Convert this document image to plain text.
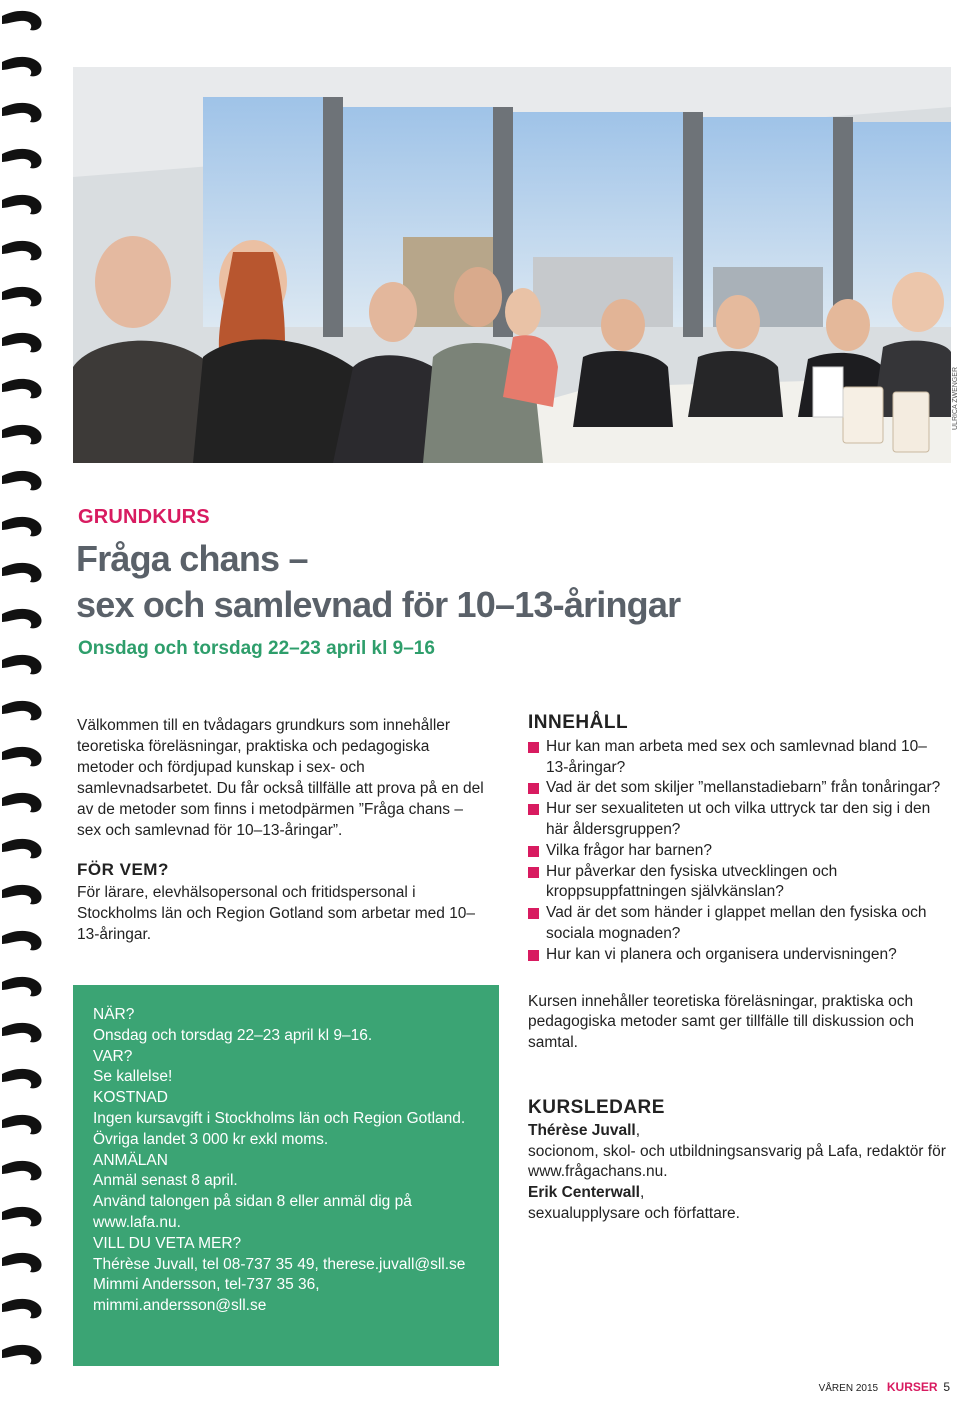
ULRICA ZWENGER
GRUNDKURS
Fråga chans –
sex och samlevnad för 10–13-åringar
Onsdag och torsdag 22–23 april kl 9–16

Välkommen till en tvådagars grundkurs som innehåller teoretiska föreläsningar, praktiska och pedagogiska metoder och fördjupad kunskap i sex- och samlevnadsarbetet. Du får också tillfälle att prova på en del av de metoder som finns i metodpärmen ”Fråga chans – sex och samlevnad för 10–13-åringar”.

FÖR VEM?

För lärare, elevhälsopersonal och fritidspersonal i Stockholms län och Region Gotland som arbetar med 10–13-åringar.

NÄR?
Onsdag och torsdag 22–23 april kl 9–16.
VAR?
Se kallelse!
KOSTNAD
Ingen kursavgift i Stockholms län och Region Gotland. Övriga landet 3 000 kr exkl moms.
ANMÄLAN
Anmäl senast 8 april.
Använd talongen på sidan 8 eller anmäl dig på www.lafa.nu.
VILL DU VETA MER?
Thérèse Juvall, tel 08-737 35 49, therese.juvall@sll.se
Mimmi Andersson, tel-737 35 36, mimmi.andersson@sll.se
INNEHÅLL
Hur kan man arbeta med sex och samlevnad bland 10–13-åringar?
Vad är det som skiljer ”mellanstadiebarn” från tonåringar?
Hur ser sexualiteten ut och vilka uttryck tar den sig i den här åldersgruppen?
Vilka frågor har barnen?
Hur påverkar den fysiska utvecklingen och kroppsuppfattningen självkänslan?
Vad är det som händer i glappet mellan den fysiska och sociala mognaden?
Hur kan vi planera och organisera undervisningen?

Kursen innehåller teoretiska föreläsningar, praktiska och pedagogiska metoder samt ger tillfälle till diskussion och samtal.

KURSLEDARE
Thérèse Juvall,
socionom, skol- och utbildningsansvarig på Lafa, redaktör för www.frågachans.nu.
Erik Centerwall,
sexualupplysare och författare.
VÅREN 2015 KURSER 5
